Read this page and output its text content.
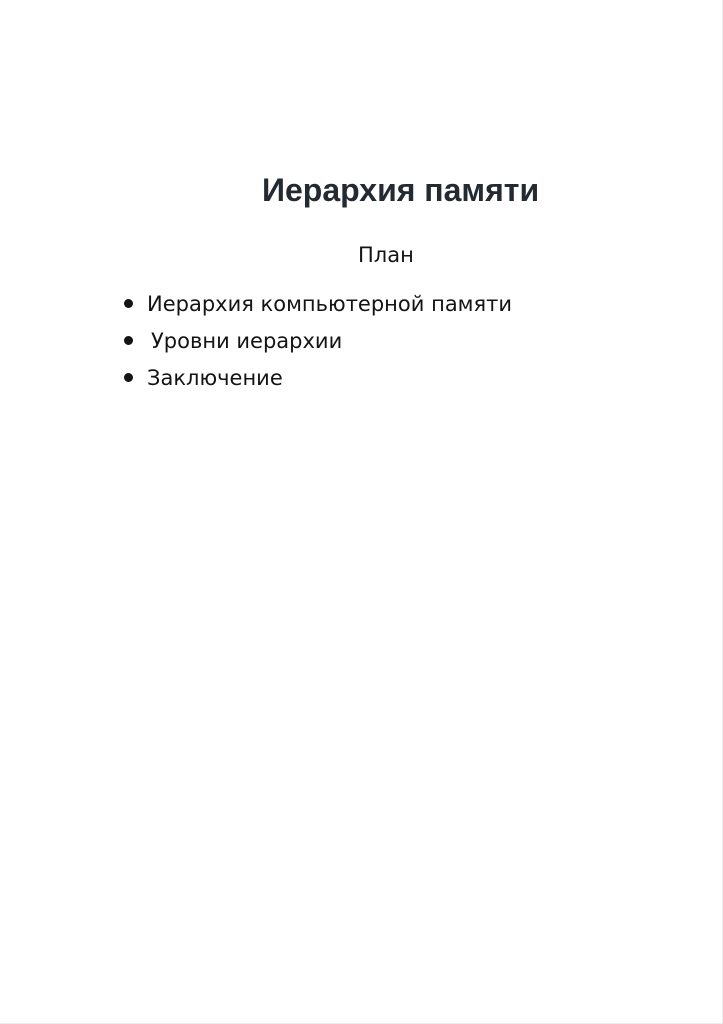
Иерархия памяти
План
Иерархия компьютерной памяти
Уровни иерархии
Заключение
